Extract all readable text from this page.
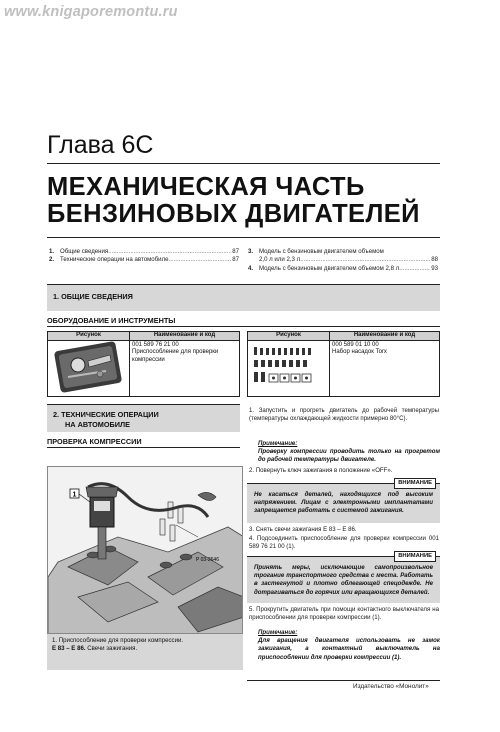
www.knigaporemontu.ru
Глава 6С
МЕХАНИЧЕСКАЯ ЧАСТЬ
БЕНЗИНОВЫХ ДВИГАТЕЛЕЙ
1. Общие сведения .....	87
2. Технические операции на автомобиле .....	87
3. Модель с бензиновым двигателем объемом
2,0 л или 2,3 л .....	88
4. Модель с бензиновым двигателем объемом 2,8 л .....	93
1. ОБЩИЕ СВЕДЕНИЯ
ОБОРУДОВАНИЕ И ИНСТРУМЕНТЫ
Рисунок	Наименование и код

001 589 76 21 00
Приспособление для проверки компрессии
Рисунок	Наименование и код

000 589 01 10 00
Набор насадок Torx
2. ТЕХНИЧЕСКИЕ ОПЕРАЦИИ
НА АВТОМОБИЛЕ
ПРОВЕРКА КОМПРЕССИИ
1
P 03-2646
1. Приспособление для проверки компрессии.
Е 83 – Е 86. Свечи зажигания.
1. Запустить и прогреть двигатель до рабочей температуры (температуры охлаждающей жидкости примерно 80°С).
Примечание:
Проверку компрессии проводить только на прогретом до рабочей температуры двигателе.
2. Повернуть ключ зажигания в положение «OFF».
ВНИМАНИЕ
Не касаться деталей, находящихся под высоким напряжением. Лицам с электронными имплантатами запрещается работать с системой зажигания.
3. Снять свечи зажигания Е 83 – Е 86.
4. Подсоединить приспособление для проверки компрессии 001 589 76 21 00 (1).
ВНИМАНИЕ
Принять меры, исключающие самопроизвольное трогание транспортного средства с места. Работать в застегнутой и плотно облегающей спецодежде. Не дотрагиваться до горячих или вращающихся деталей.
5. Прокрутить двигатель при помощи контактного выключателя на приспособлении для проверки компрессии (1).
Примечание:
Для вращения двигателя использовать не замок зажигания, а контактный выключатель на приспособлении для проверки компрессии (1).
Издательство «Монолит»
